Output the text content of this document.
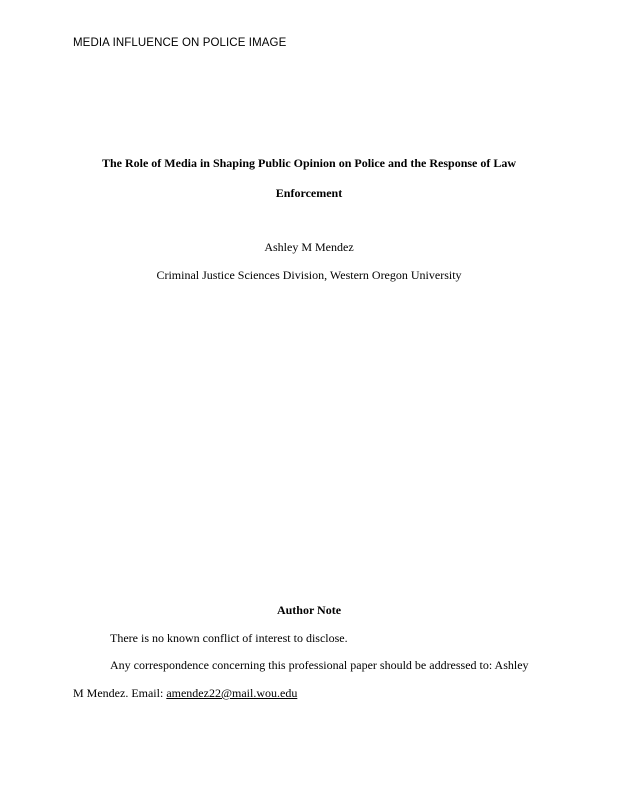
MEDIA INFLUENCE ON POLICE IMAGE
The Role of Media in Shaping Public Opinion on Police and the Response of Law
Enforcement
Ashley M Mendez
Criminal Justice Sciences Division, Western Oregon University
Author Note
There is no known conflict of interest to disclose.
Any correspondence concerning this professional paper should be addressed to: Ashley
M Mendez. Email: amendez22@mail.wou.edu
